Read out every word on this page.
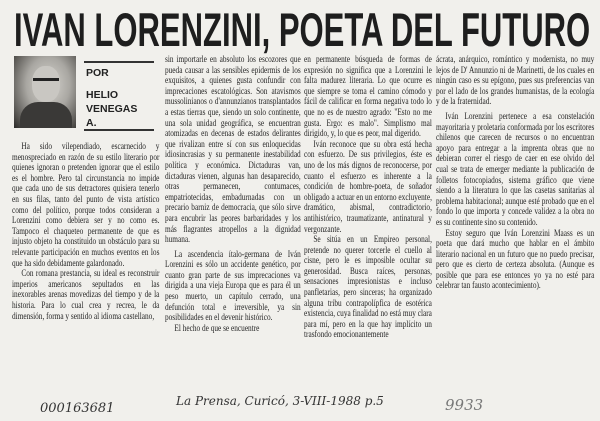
IVAN LORENZINI, POETA DEL FUTURO
POR
HELIO
VENEGAS
A.

Ha sido vilependiado, escarnecido y menospreciado en razón de su estilo literario por quienes ignoran o pretenden ignorar que el estilo es el hombre. Pero tal circunstancia no impide que cada uno de sus detractores quisiera tenerlo en sus filas, tanto del punto de vista artístico como del político, porque todos consideran a Lorenzini como debiera ser y no como es. Tampoco el chaqueteo permanente de que es injusto objeto ha constituido un obstáculo para su relevante participación en muchos eventos en los que ha sido debidamente galardonado.

Con romana prestancia, su ideal es reconstruir imperios americanos sepultados en las inexorables arenas movedizas del tiempo y de la historia. Para lo cual crea y recrea, le da dimensión, forma y sentido al idioma castellano,

sin importarle en absoluto los escozores que pueda causar a las sensibles epidermis de los exquisitos, a quienes gusta confundir con imprecaciones escatológicas. Son atavismos mussolinianos o d'annunzianos transplantados a estas tierras que, siendo un solo continente, una sola unidad geográfica, se encuentran atomizadas en decenas de estados delirantes que rivalizan entre sí con sus enloquecidas idiosincrasias y su permanente inestabilidad política y económica. Dictaduras van, dictaduras vienen, algunas han desaparecido, otras permanecen, contumaces, empatriotecidas, embadurnadas con un precario barniz de democracia, que sólo sirve para encubrir las peores barbaridades y los más flagrantes atropellos a la dignidad humana.

La ascendencia ítalo-germana de Iván Lorenzini es sólo un accidente genético, por cuanto gran parte de sus imprecaciones va dirigida a una vieja Europa que es para él un peso muerto, un capítulo cerrado, una defunción total e irreversible, ya sin posibilidades en el devenir histórico.

El hecho de que se encuentre

en permanente búsqueda de formas de expresión no significa que a Lorenzini le falta madurez literaria. Lo que ocurre es que siempre se toma el camino cómodo y fácil de calificar en forma negativa todo lo que no es de nuestro agrado: "Esto no me gusta. Ergo: es malo". Simplismo mal dirigido, y, lo que es peor, mal digerido.

Iván reconoce que su obra está hecha con esfuerzo. De sus privilegios, éste es uno de los más dignos de reconocerse, por cuanto el esfuerzo es inherente a la condición de hombre-poeta, de soñador obligado a actuar en un entorno excluyente, dramático, abismal, contradictorio, antihistórico, traumatizante, antinatural y vergonzante.

Se sitúa en un Empireo personal, pretende no querer torcerle el cuello al cisne, pero le es imposible ocultar su generosidad. Busca raíces, personas, sensaciones impresionistas e incluso panfletarias, pero sinceras; ha organizado alguna tribu contrapolípfica de esotérica existencia, cuya finalidad no está muy clara para mí, pero en la que hay implícito un trasfondo emocionantemente

ácrata, anárquico, romántico y modernista, no muy lejos de D' Annunzio ni de Marinetti, de los cuales en ningún caso es su epígono, pues sus preferencias van por el lado de los grandes humanistas, de la ecología y de la fraternidad.

Iván Lorenzini pertenece a esa constelación mayoritaria y proletaria conformada por los escritores chilenos que carecen de recursos o no encuentran apoyo para entregar a la imprenta obras que no debieran correr el riesgo de caer en ese olvido del cual se trata de emerger mediante la publicación de folletos fotocopiados, sistema gráfico que viene siendo a la literatura lo que las casetas sanitarias al problema habitacional; aunque esté probado que en el fondo lo que importa y concede validez a la obra no es su continente sino su contenido.

Estoy seguro que Iván Lorenzini Maass es un poeta que dará mucho que hablar en el ámbito literario nacional en un futuro que no puedo precisar, pero que es cierto de certeza absoluta. (Aunque es posible que para ese entonces yo ya no esté para celebrar tan fausto acontecimiento).

La Prensa, Curicó, 3-VIII-1988 p.5
000163681	9933
